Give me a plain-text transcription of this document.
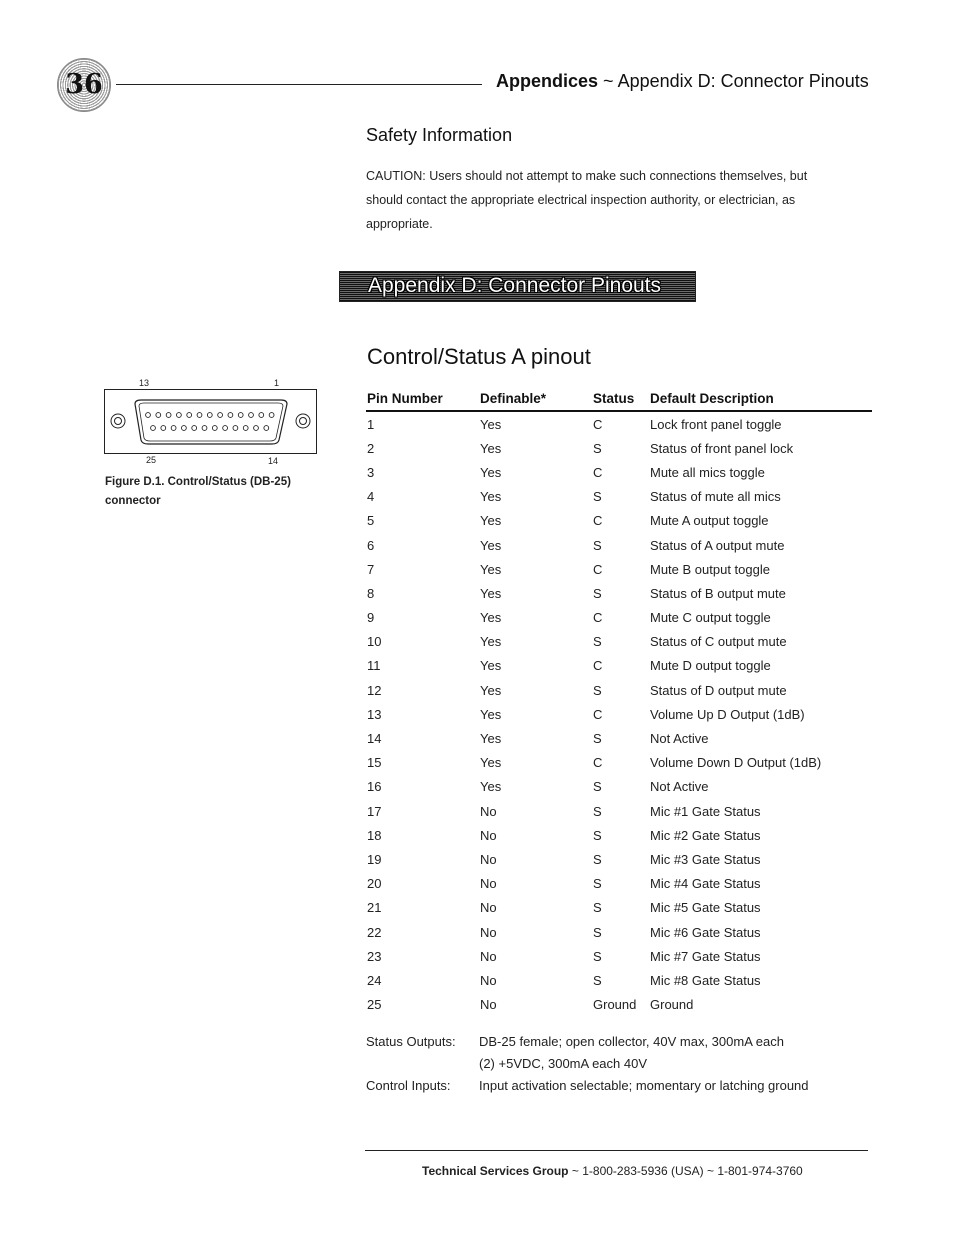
36	Appendices ~ Appendix D: Connector Pinouts
Safety Information
CAUTION: Users should not attempt to make such connections themselves, but should contact the appropriate electrical inspection authority, or electrician, as appropriate.
Appendix D: Connector Pinouts
Control/Status A pinout
13	1
25	14
Figure D.1. Control/Status (DB-25) connector
Pin Number	Definable*	Status	Default Description
1	Yes	C	Lock front panel toggle
2	Yes	S	Status of front panel lock
3	Yes	C	Mute all mics toggle
4	Yes	S	Status of mute all mics
5	Yes	C	Mute A output toggle
6	Yes	S	Status of A output mute
7	Yes	C	Mute B output toggle
8	Yes	S	Status of B output mute
9	Yes	C	Mute C output toggle
10	Yes	S	Status of C output mute
11	Yes	C	Mute D output toggle
12	Yes	S	Status of D output mute
13	Yes	C	Volume Up D Output (1dB)
14	Yes	S	Not Active
15	Yes	C	Volume Down D Output (1dB)
16	Yes	S	Not Active
17	No	S	Mic #1 Gate Status
18	No	S	Mic #2 Gate Status
19	No	S	Mic #3 Gate Status
20	No	S	Mic #4 Gate Status
21	No	S	Mic #5 Gate Status
22	No	S	Mic #6 Gate Status
23	No	S	Mic #7 Gate Status
24	No	S	Mic #8 Gate Status
25	No	Ground	Ground
Status Outputs:	DB-25 female; open collector, 40V max, 300mA each
(2) +5VDC, 300mA each 40V
Control Inputs:	Input activation selectable; momentary or latching ground
Technical Services Group ~ 1-800-283-5936 (USA) ~ 1-801-974-3760
